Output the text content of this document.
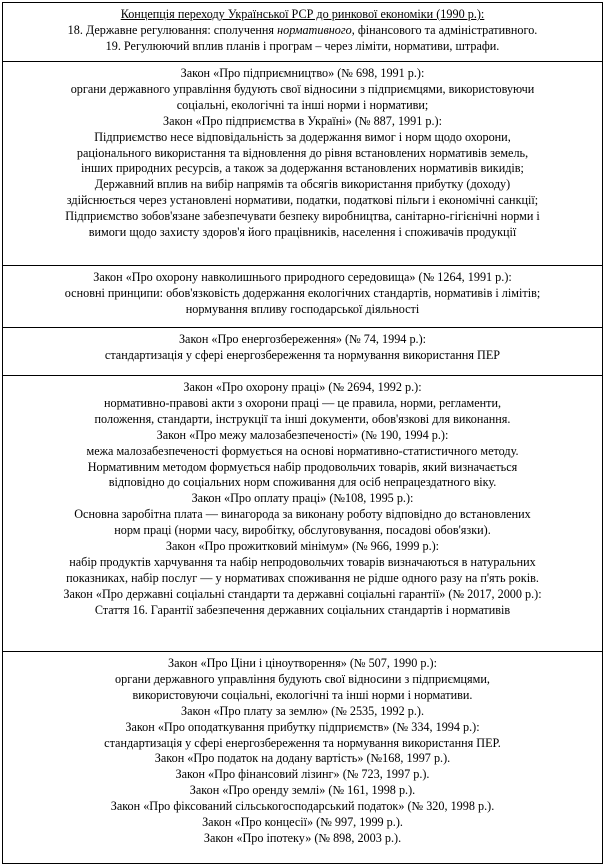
Концепція переходу Української РСР до ринкової економіки (1990 р.):
18. Державне регулювання: сполучення нормативного, фінансового та адміністративного.
19. Регулюючий вплив планів і програм – через ліміти, нормативи, штрафи.
Закон «Про підприємництво» (№ 698, 1991 р.):
органи державного управління будують свої відносини з підприємцями, використовуючи
соціальні, екологічні та інші норми і нормативи;
Закон «Про підприємства в Україні» (№ 887, 1991 р.):
Підприємство несе відповідальність за додержання вимог і норм щодо охорони,
раціонального використання та відновлення до рівня встановлених нормативів земель,
інших природних ресурсів, а також за додержання встановлених нормативів викидів;
Державний вплив на вибір напрямів та обсягів використання прибутку (доходу)
здійснюється через установлені нормативи, податки, податкові пільги і економічні санкції;
Підприємство зобов'язане забезпечувати безпеку виробництва, санітарно-гігієнічні норми і
вимоги щодо захисту здоров'я його працівників, населення і споживачів продукції
Закон «Про охорону навколишнього природного середовища» (№ 1264, 1991 р.):
основні принципи: обов'язковість додержання екологічних стандартів, нормативів і лімітів;
нормування впливу господарської діяльності
Закон «Про енергозбереження» (№ 74, 1994 р.):
стандартизація у сфері енергозбереження та нормування використання ПЕР
Закон «Про охорону праці» (№ 2694, 1992 р.):
нормативно-правові акти з охорони праці — це правила, норми, регламенти,
положення, стандарти, інструкції та інші документи, обов'язкові для виконання.
Закон «Про межу малозабезпеченості» (№ 190, 1994 р.):
межа малозабезпеченості формується на основі нормативно-статистичного методу.
Нормативним методом формується набір продовольчих товарів, який визначається
відповідно до соціальних норм споживання для осіб непрацездатного віку.
Закон «Про оплату праці» (№108, 1995 р.):
Основна заробітна плата — винагорода за виконану роботу відповідно до встановлених
норм праці (норми часу, виробітку, обслуговування, посадові обов'язки).
Закон «Про прожитковий мінімум» (№ 966, 1999 р.):
набір продуктів харчування та набір непродовольчих товарів визначаються в натуральних
показниках, набір послуг — у нормативах споживання не рідше одного разу на п'ять років.
Закон «Про державні соціальні стандарти та державні соціальні гарантії» (№ 2017, 2000 р.):
Стаття 16. Гарантії забезпечення державних соціальних стандартів і нормативів
Закон «Про Ціни і ціноутворення» (№ 507, 1990 р.):
органи державного управління будують свої відносини з підприємцями,
використовуючи соціальні, екологічні та інші норми і нормативи.
Закон «Про плату за землю» (№ 2535, 1992 р.).
Закон «Про оподаткування прибутку підприємств» (№ 334, 1994 р.):
стандартизація у сфері енергозбереження та нормування використання ПЕР.
Закон «Про податок на додану вартість» (№168, 1997 р.).
Закон «Про фінансовий лізинг» (№ 723, 1997 р.).
Закон «Про оренду землі» (№ 161, 1998 р.).
Закон «Про фіксований сільськогосподарський податок» (№ 320, 1998 р.).
Закон «Про концесії» (№ 997, 1999 р.).
Закон «Про іпотеку» (№ 898, 2003 р.).
